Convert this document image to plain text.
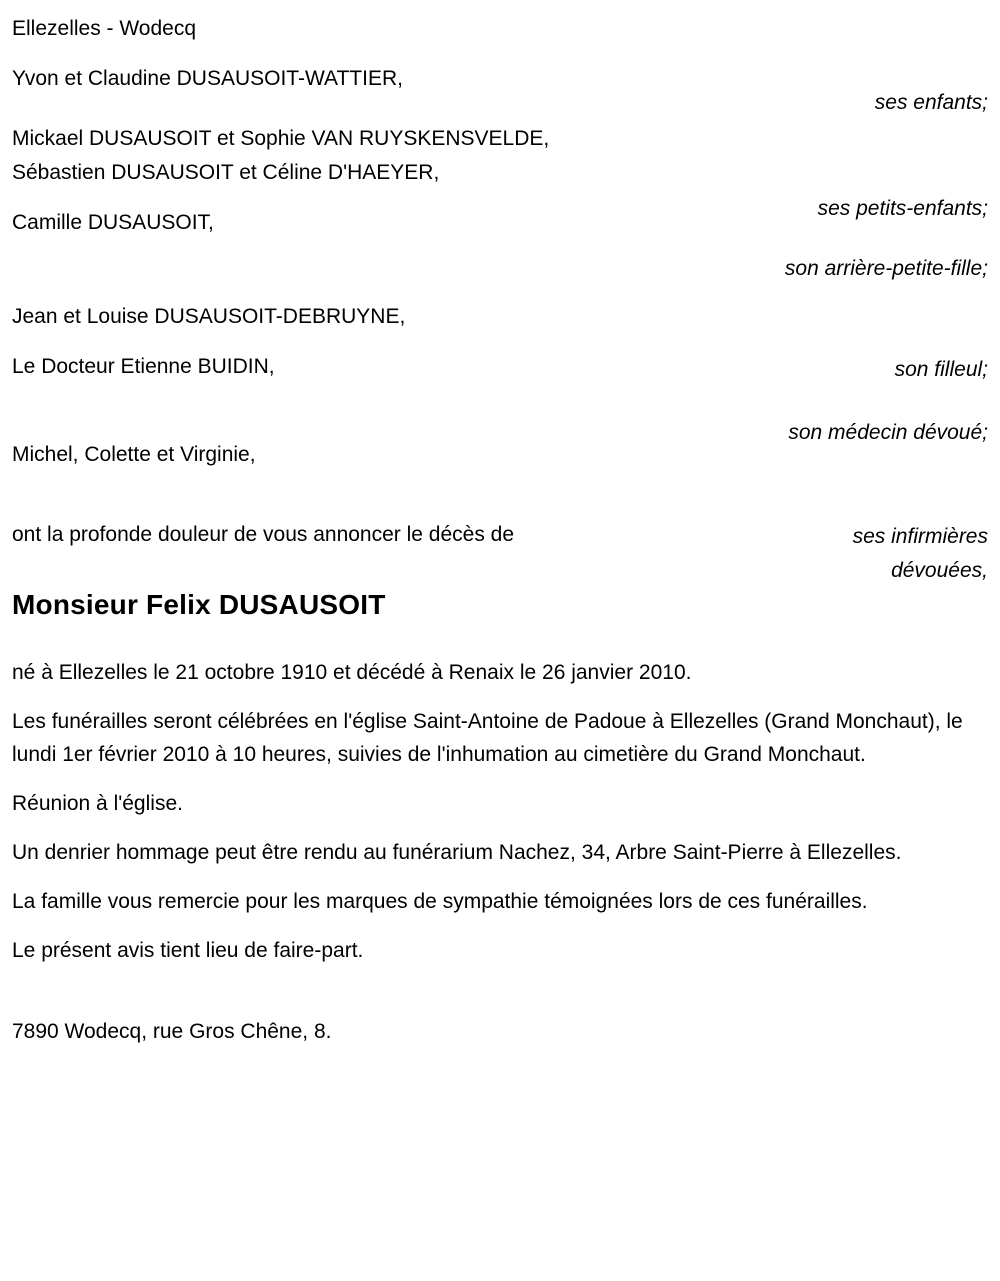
ses enfants;
ses petits-enfants;
son arrière-petite-fille;
son filleul;
son médecin dévoué;
ses infirmières dévouées,
Ellezelles - Wodecq
Yvon et Claudine DUSAUSOIT-WATTIER,
Mickael DUSAUSOIT et Sophie VAN RUYSKENSVELDE,
Sébastien DUSAUSOIT et Céline D'HAEYER,
Camille DUSAUSOIT,
Jean et Louise DUSAUSOIT-DEBRUYNE,
Le Docteur Etienne BUIDIN,
Michel, Colette et Virginie,
ont la profonde douleur de vous annoncer le décès de
Monsieur Felix DUSAUSOIT
né à Ellezelles le 21 octobre 1910 et décédé à Renaix le 26 janvier 2010.
Les funérailles seront célébrées en l'église Saint-Antoine de Padoue à Ellezelles (Grand Monchaut), le lundi 1er février 2010 à 10 heures, suivies de l'inhumation au cimetière du Grand Monchaut.
Réunion à l'église.
Un denrier hommage peut être rendu au funérarium Nachez, 34, Arbre Saint-Pierre à Ellezelles.
La famille vous remercie pour les marques de sympathie témoignées lors de ces funérailles.
Le présent avis tient lieu de faire-part.
7890 Wodecq, rue Gros Chêne, 8.
